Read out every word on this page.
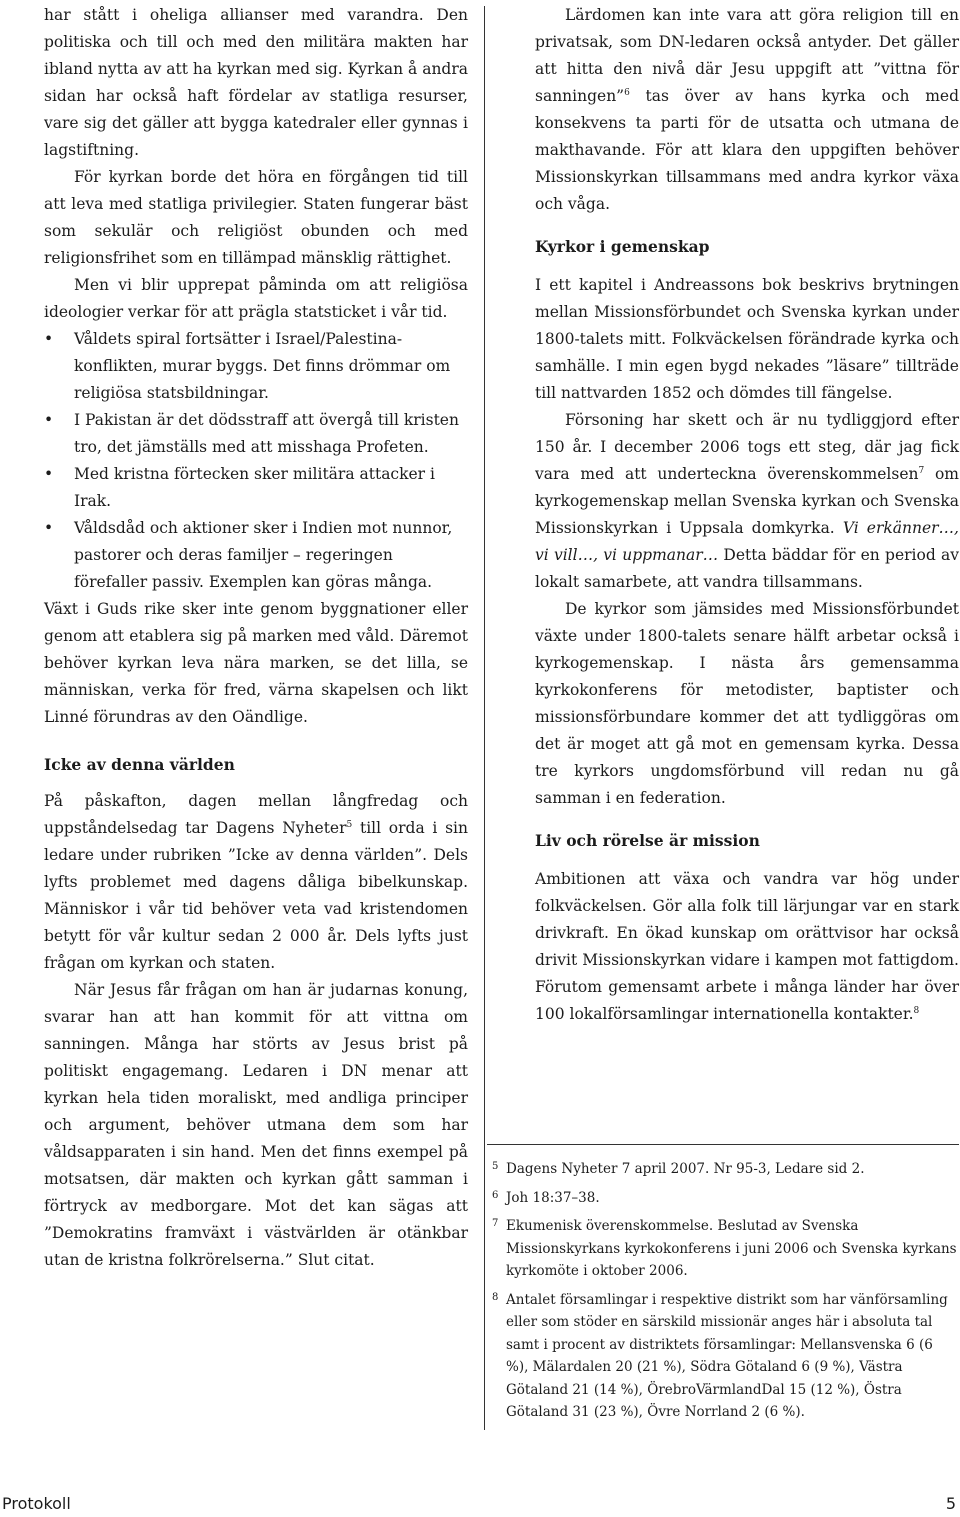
har stått i oheliga allianser med varandra. Den politiska och till och med den militära makten har ibland nytta av att ha kyrkan med sig. Kyrkan å andra sidan har också haft fördelar av statliga resurser, vare sig det gäller att bygga katedraler eller gynnas i lagstiftning.

För kyrkan borde det höra en förgången tid till att leva med statliga privilegier. Staten fungerar bäst som sekulär och religiöst obunden och med religionsfrihet som en tillämpad mänsklig rättighet.

Men vi blir upprepat påminda om att religiösa ideologier verkar för att prägla statsticket i vår tid.

• Våldets spiral fortsätter i Israel/Palestina-konflikten, murar byggs. Det finns drömmar om religiösa statsbildningar.
• I Pakistan är det dödsstraff att övergå till kristen tro, det jämställs med att misshaga Profeten.
• Med kristna förtecken sker militära attacker i Irak.
• Våldsdåd och aktioner sker i Indien mot nunnor, pastorer och deras familjer – regeringen förefaller passiv. Exemplen kan göras många.

Växt i Guds rike sker inte genom byggnationer eller genom att etablera sig på marken med våld. Däremot behöver kyrkan leva nära marken, se det lilla, se människan, verka för fred, värna skapelsen och likt Linné förundras av den Oändlige.

Icke av denna världen

På påskafton, dagen mellan långfredag och uppståndelsedag tar Dagens Nyheter$^5$ till orda i sin ledare under rubriken ”Icke av denna världen”. Dels lyfts problemet med dagens dåliga bibelkunskap. Människor i vår tid behöver veta vad kristendomen betytt för vår kultur sedan 2 000 år. Dels lyfts just frågan om kyrkan och staten.

När Jesus får frågan om han är judarnas konung, svarar han att han kommit för att vittna om sanningen. Många har störts av Jesus brist på politiskt engagemang. Ledaren i DN menar att kyrkan hela tiden moraliskt, med andliga principer och argument, behöver utmana dem som har våldsapparaten i sin hand. Men det finns exempel på motsatsen, där makten och kyrkan gått samman i förtryck av medborgare. Mot det kan sägas att ”Demokratins framväxt i västvärlden är otänkbar utan de kristna folkrörelserna.” Slut citat.

Lärdomen kan inte vara att göra religion till en privatsak, som DN-ledaren också antyder. Det gäller att hitta den nivå där Jesu uppgift att ”vittna för sanningen”$^6$ tas över av hans kyrka och med konsekvens ta parti för de utsatta och utmana de makthavande. För att klara den uppgiften behöver Missionskyrkan tillsammans med andra kyrkor växa och våga.

Kyrkor i gemenskap

I ett kapitel i Andreassons bok beskrivs brytningen mellan Missionsförbundet och Svenska kyrkan under 1800-talets mitt. Folkväckelsen förändrade kyrka och samhälle. I min egen bygd nekades ”läsare” tillträde till nattvarden 1852 och dömdes till fängelse.

Försoning har skett och är nu tydliggjord efter 150 år. I december 2006 togs ett steg, där jag fick vara med att underteckna överenskommelsen$^7$ om kyrkogemenskap mellan Svenska kyrkan och Svenska Missionskyrkan i Uppsala domkyrka. Vi erkänner…, vi vill…, vi uppmanar… Detta bäddar för en period av lokalt samarbete, att vandra tillsammans.

De kyrkor som jämsides med Missionsförbundet växte under 1800-talets senare hälft arbetar också i kyrkogemenskap. I nästa års gemensamma kyrkokonferens för metodister, baptister och missionsförbundare kommer det att tydliggöras om det är moget att gå mot en gemensam kyrka. Dessa tre kyrkors ungdomsförbund vill redan nu gå samman i en federation.

Liv och rörelse är mission

Ambitionen att växa och vandra var hög under folkväckelsen. Gör alla folk till lärjungar var en stark drivkraft. En ökad kunskap om orättvisor har också drivit Missionskyrkan vidare i kampen mot fattigdom. Förutom gemensamt arbete i många länder har över 100 lokalförsamlingar internationella kontakter.$^8$

5 Dagens Nyheter 7 april 2007. Nr 95-3, Ledare sid 2.
6 Joh 18:37–38.
7 Ekumenisk överenskommelse. Beslutad av Svenska Missionskyrkans kyrkokonferens i juni 2006 och Svenska kyrkans kyrkomöte i oktober 2006.
8 Antalet församlingar i respektive distrikt som har vänförsamling eller som stöder en särskild missionär anges här i absoluta tal samt i procent av distriktets församlingar: Mellansvenska 6 (6 %), Mälardalen 20 (21 %), Södra Götaland 6 (9 %), Västra Götaland 21 (14 %), ÖrebroVärmlandDal 15 (12 %), Östra Götaland 31 (23 %), Övre Norrland 2 (6 %).
Protokoll	5
